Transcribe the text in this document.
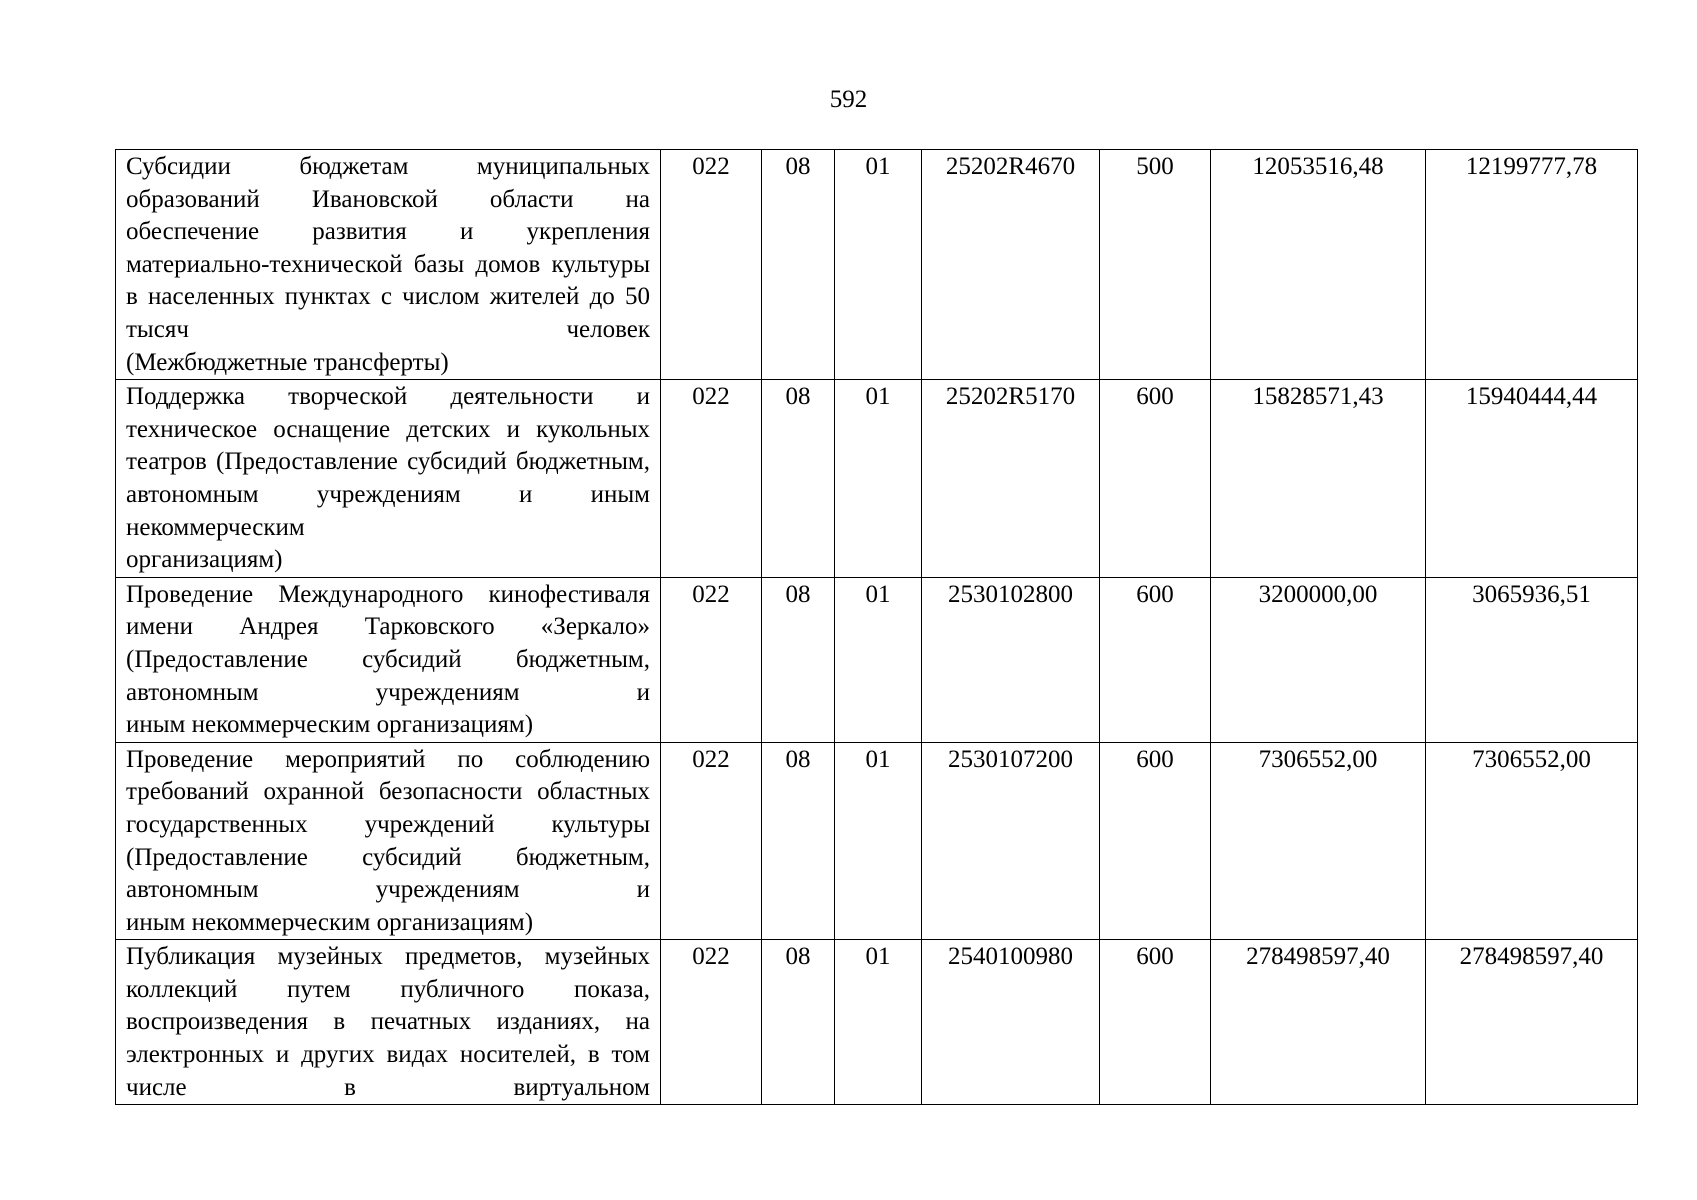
592
Субсидии бюджетам муниципальных образований Ивановской области на обеспечение развития и укрепления материально-технической базы домов культуры в населенных пунктах с числом жителей до 50 тысяч человек
(Межбюджетные трансферты)	022	08	01	25202R4670	500	12053516,48	12199777,78

Поддержка творческой деятельности и техническое оснащение детских и кукольных театров (Предоставление субсидий бюджетным, автономным учреждениям и иным некоммерческим
организациям)	022	08	01	25202R5170	600	15828571,43	15940444,44

Проведение Международного кинофестиваля имени Андрея Тарковского «Зеркало» (Предоставление субсидий бюджетным, автономным учреждениям и
иным некоммерческим организациям)	022	08	01	2530102800	600	3200000,00	3065936,51

Проведение мероприятий по соблюдению требований охранной безопасности областных государственных учреждений культуры (Предоставление субсидий бюджетным, автономным учреждениям и
иным некоммерческим организациям)	022	08	01	2530107200	600	7306552,00	7306552,00

Публикация музейных предметов, музейных коллекций путем публичного показа, воспроизведения в печатных изданиях, на электронных и других видах носителей, в том числе в виртуальном	022	08	01	2540100980	600	278498597,40	278498597,40
